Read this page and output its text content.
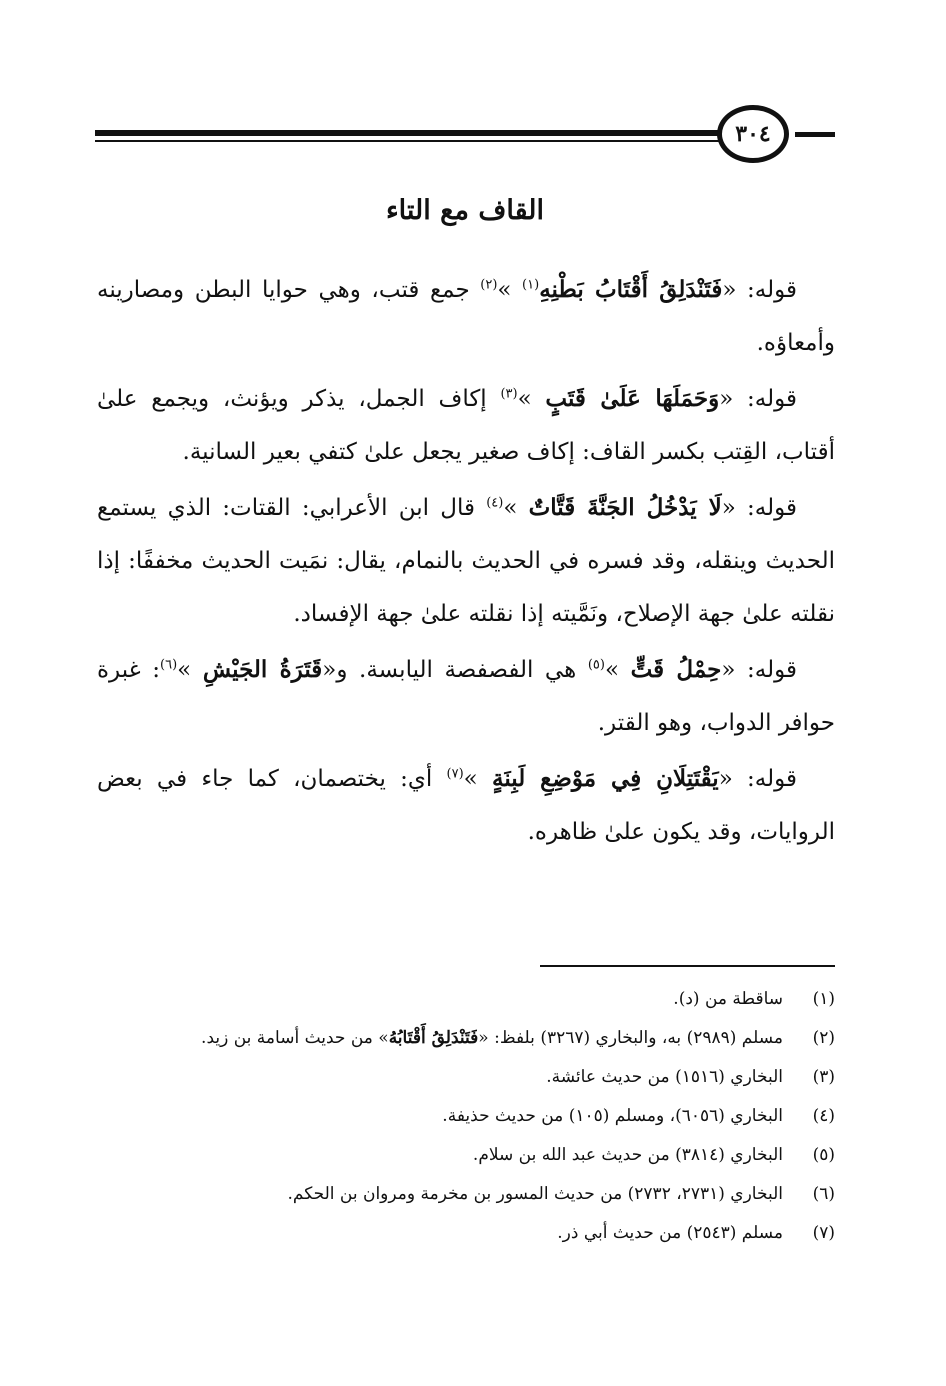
٣٠٤
القاف مع التاء

قوله: «فَتَنْدَلِقُ أَقْتَابُ بَطْنِهِ$^{(١)}$ »$^{(٢)}$ جمع قتب، وهي حوايا البطن ومصارينه وأمعاؤه.

قوله: «وَحَمَلَهَا عَلَىٰ قَتَبٍ »$^{(٣)}$ إكاف الجمل، يذكر ويؤنث، ويجمع علىٰ أقتاب، القِتب بكسر القاف: إكاف صغير يجعل علىٰ كتفي بعير السانية.

قوله: «لَا يَدْخُلُ الجَنَّةَ قَتَّاتٌ »$^{(٤)}$ قال ابن الأعرابي: القتات: الذي يستمع الحديث وينقله، وقد فسره في الحديث بالنمام، يقال: نمَيت الحديث مخففًا: إذا نقلته علىٰ جهة الإصلاح، ونَمَّيته إذا نقلته علىٰ جهة الإفساد.

قوله: «حِمْلُ قَتٍّ »$^{(٥)}$ هي الفصفصة اليابسة. و«قَتَرَةُ الجَيْشِ »$^{(٦)}$: غبرة حوافر الدواب، وهو القتر.

قوله: «يَقْتَتِلَانِ فِي مَوْضِعِ لَبِنَةٍ »$^{(٧)}$ أي: يختصمان، كما جاء في بعض الروايات، وقد يكون علىٰ ظاهره.

(١)
ساقطة من (د).
(٢)
مسلم (٢٩٨٩) به، والبخاري (٣٢٦٧) بلفظ: «فَتَنْدَلِقُ أَقْتَابُهُ» من حديث أسامة بن زيد.
(٣)
البخاري (١٥١٦) من حديث عائشة.
(٤)
البخاري (٦٠٥٦)، ومسلم (١٠٥) من حديث حذيفة.
(٥)
البخاري (٣٨١٤) من حديث عبد الله بن سلام.
(٦)
البخاري (٢٧٣١، ٢٧٣٢) من حديث المسور بن مخرمة ومروان بن الحكم.
(٧)
مسلم (٢٥٤٣) من حديث أبي ذر.
